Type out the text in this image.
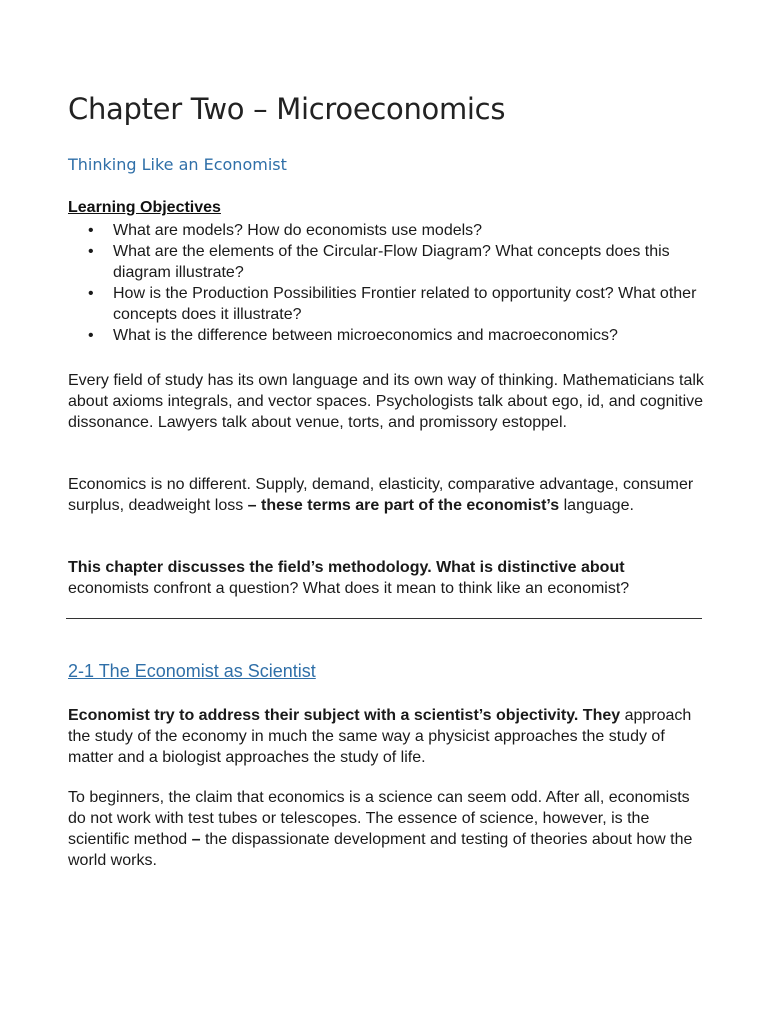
Chapter Two – Microeconomics
Thinking Like an Economist
Learning Objectives
• What are models? How do economists use models?
• What are the elements of the Circular-Flow Diagram? What concepts does this diagram illustrate?
• How is the Production Possibilities Frontier related to opportunity cost? What other concepts does it illustrate?
• What is the difference between microeconomics and macroeconomics?

Every field of study has its own language and its own way of thinking. Mathematicians talk about axioms integrals, and vector spaces. Psychologists talk about ego, id, and cognitive dissonance. Lawyers talk about venue, torts, and promissory estoppel.

Economics is no different. Supply, demand, elasticity, comparative advantage, consumer surplus, deadweight loss – these terms are part of the economist’s language.

This chapter discusses the field’s methodology. What is distinctive about economists confront a question? What does it mean to think like an economist?

2-1 The Economist as Scientist

Economist try to address their subject with a scientist’s objectivity. They approach the study of the economy in much the same way a physicist approaches the study of matter and a biologist approaches the study of life.

To beginners, the claim that economics is a science can seem odd. After all, economists do not work with test tubes or telescopes. The essence of science, however, is the scientific method – the dispassionate development and testing of theories about how the world works.
